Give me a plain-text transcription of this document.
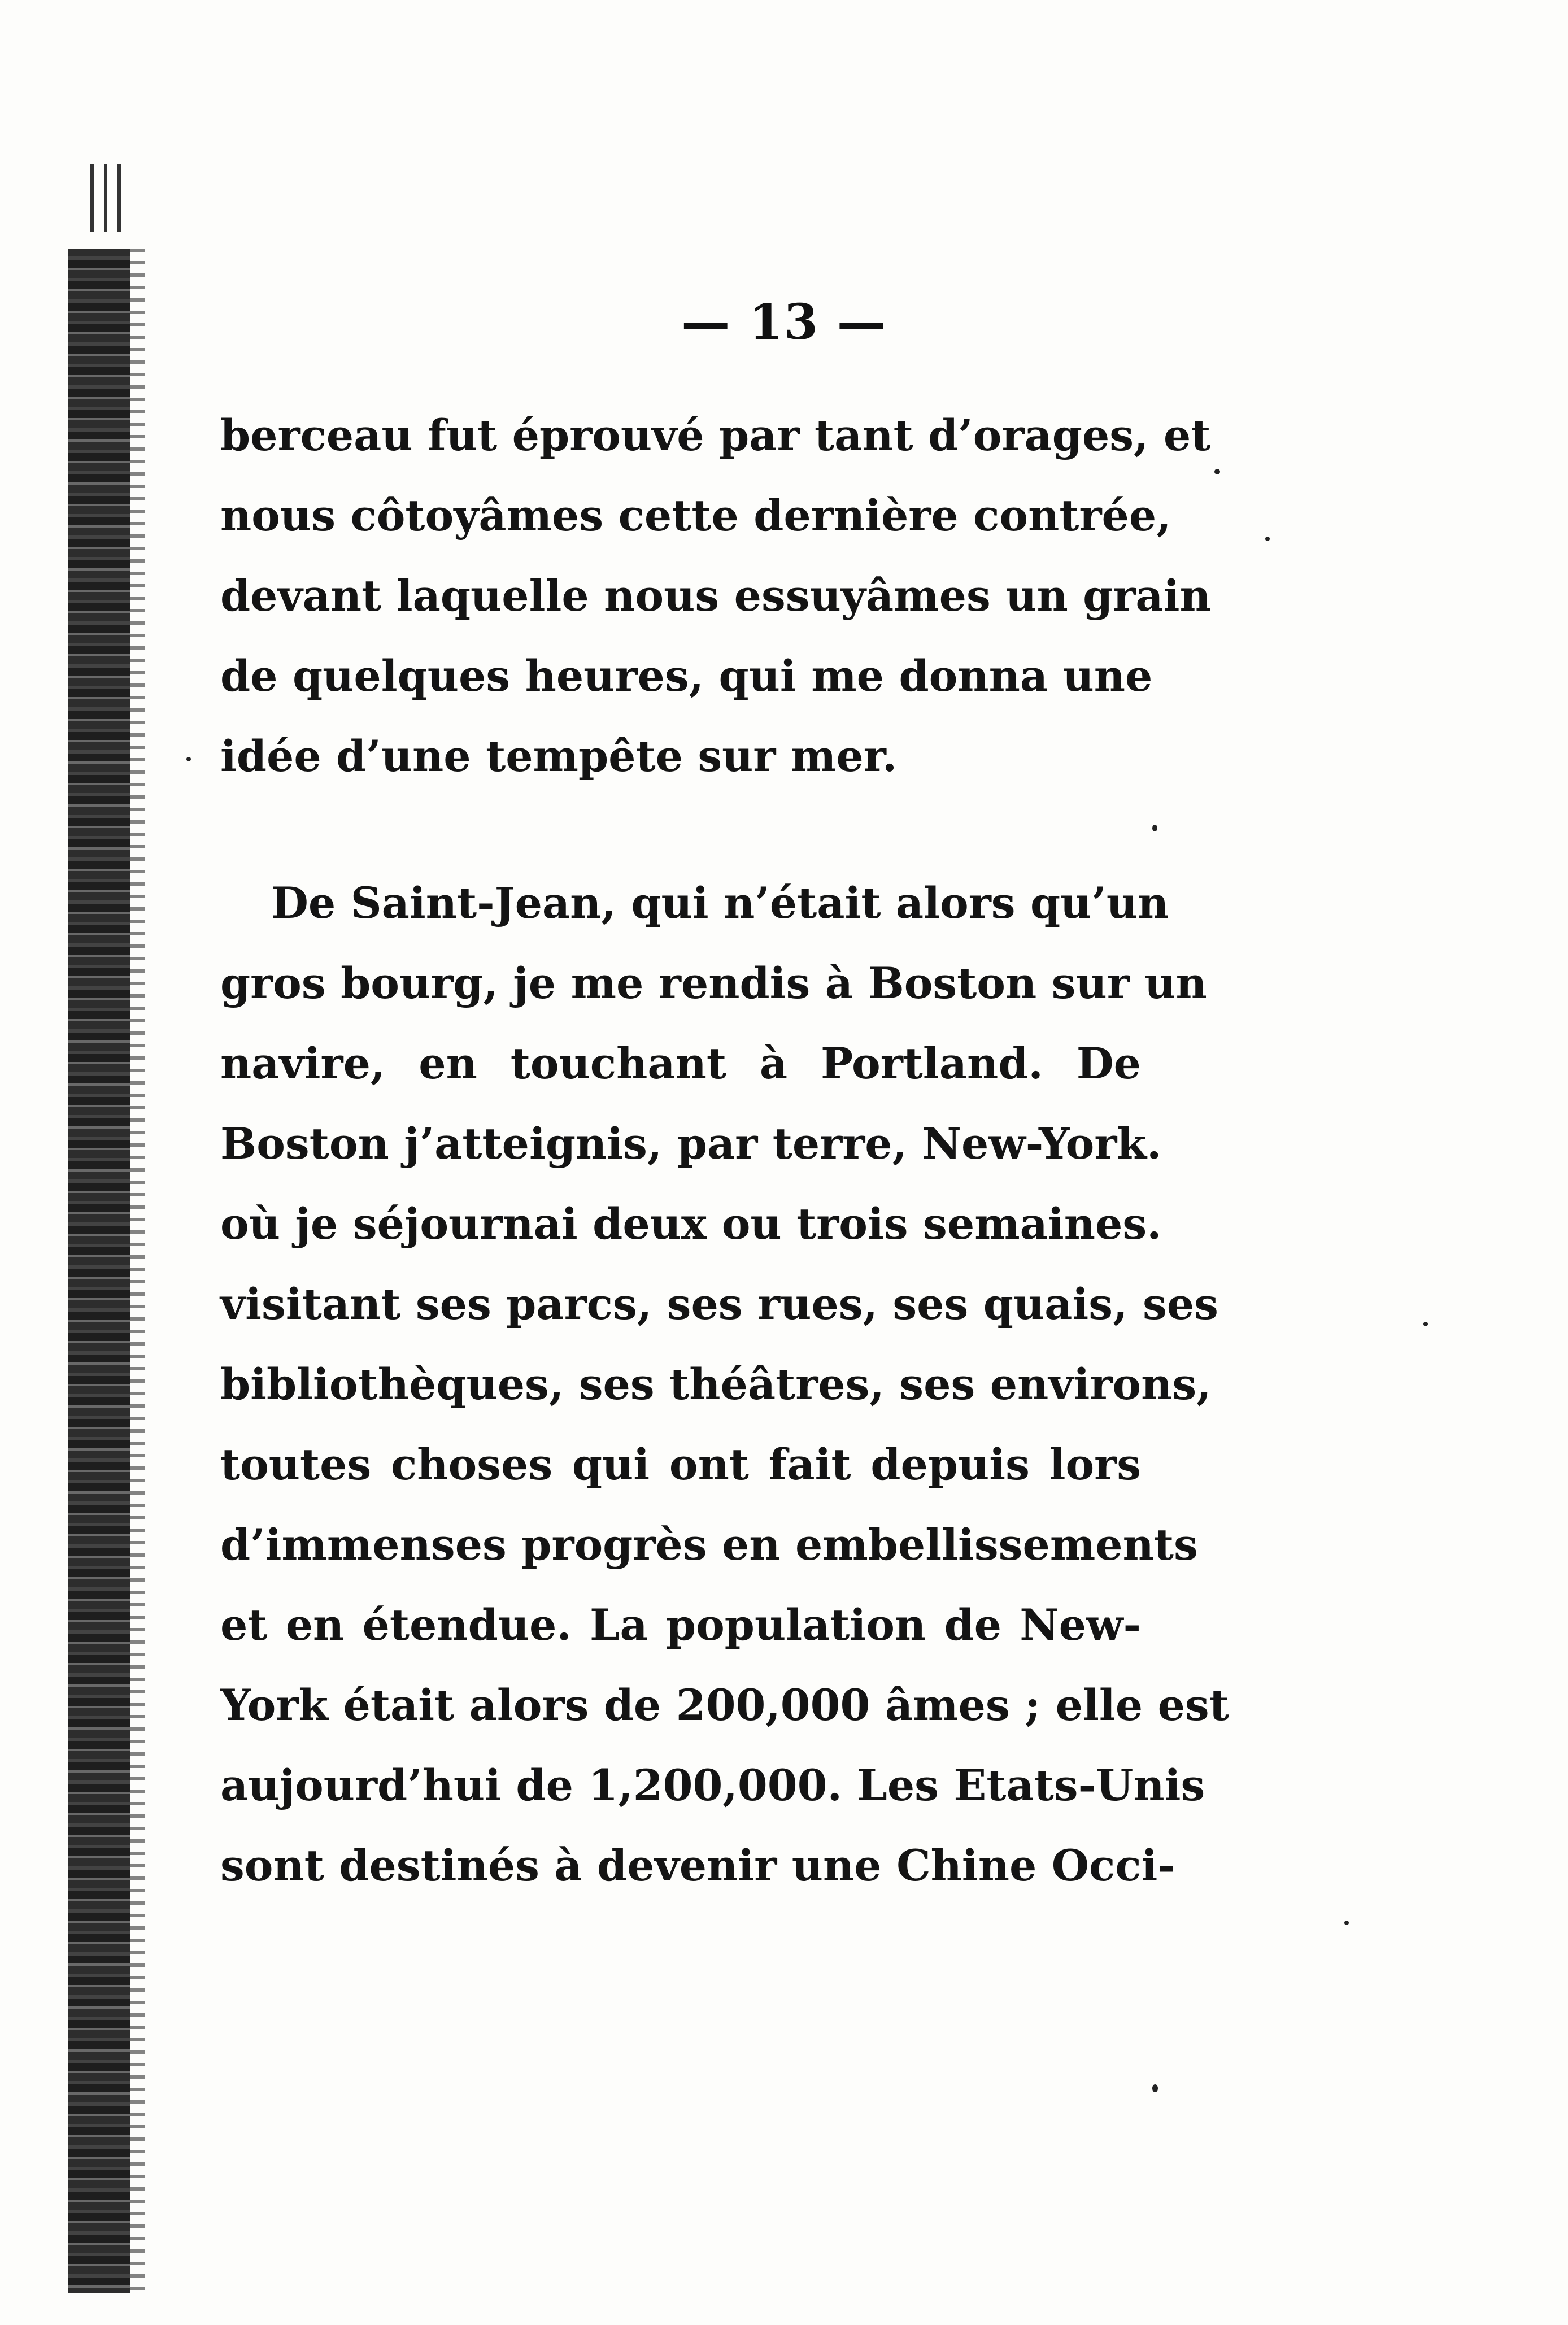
— 13 —

berceau fut éprouvé par tant d’orages, et
nous côtoyâmes cette dernière contrée,
devant laquelle nous essuyâmes un grain
de quelques heures, qui me donna une
idée d’une tempête sur mer.

De Saint-Jean, qui n’était alors qu’un
gros bourg, je me rendis à Boston sur un
navire, en touchant à Portland. De
Boston j’atteignis, par terre, New-York.
où je séjournai deux ou trois semaines.
visitant ses parcs, ses rues, ses quais, ses
bibliothèques, ses théâtres, ses environs,
toutes choses qui ont fait depuis lors
d’immenses progrès en embellissements
et en étendue. La population de New-
York était alors de 200,000 âmes ; elle est
aujourd’hui de 1,200,000. Les Etats-Unis
sont destinés à devenir une Chine Occi-
